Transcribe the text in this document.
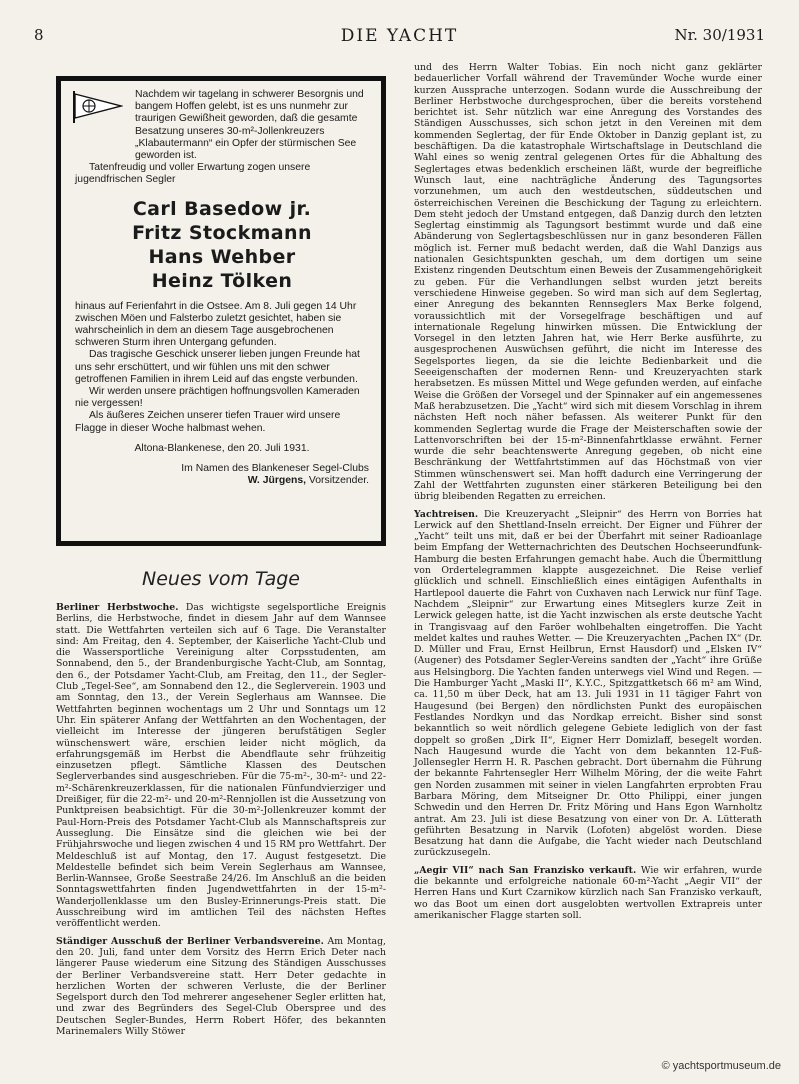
8	DIE YACHT	Nr. 30/1931

Nachdem wir tagelang in schwerer Besorgnis und bangem Hoffen gelebt, ist es uns nunmehr zur traurigen Gewißheit geworden, daß die gesamte Besatzung unseres 30-m²-Jollenkreuzers „Klabautermann“ ein Opfer der stürmischen See geworden ist.

Tatenfreudig und voller Erwartung zogen unsere jugendfrischen Segler

Carl Basedow jr.
Fritz Stockmann
Hans Wehber
Heinz Tölken

hinaus auf Ferienfahrt in die Ostsee. Am 8. Juli gegen 14 Uhr zwischen Möen und Falsterbo zuletzt gesichtet, haben sie wahrscheinlich in dem an diesem Tage ausgebrochenen schweren Sturm ihren Untergang gefunden.

Das tragische Geschick unserer lieben jungen Freunde hat uns sehr erschüttert, und wir fühlen uns mit den schwer getroffenen Familien in ihrem Leid auf das engste verbunden.

Wir werden unsere prächtigen hoffnungsvollen Kameraden nie vergessen!

Als äußeres Zeichen unserer tiefen Trauer wird unsere Flagge in dieser Woche halbmast wehen.

Altona-Blankenese, den 20. Juli 1931.

Im Namen des Blankeneser Segel-Clubs
W. Jürgens, Vorsitzender.

Neues vom Tage

Berliner Herbstwoche. Das wichtigste segelsportliche Ereignis Berlins, die Herbstwoche, findet in diesem Jahr auf dem Wannsee statt. Die Wettfahrten verteilen sich auf 6 Tage. Die Veranstalter sind: Am Freitag, den 4. September, der Kaiserliche Yacht-Club und die Wassersportliche Vereinigung alter Corpsstudenten, am Sonnabend, den 5., der Brandenburgische Yacht-Club, am Sonntag, den 6., der Potsdamer Yacht-Club, am Freitag, den 11., der Segler-Club „Tegel-See“, am Sonnabend den 12., die Seglerverein. 1903 und am Sonntag, den 13., der Verein Seglerhaus am Wannsee. Die Wettfahrten beginnen wochentags um 2 Uhr und Sonntags um 12 Uhr. Ein späterer Anfang der Wettfahrten an den Wochentagen, der vielleicht im Interesse der jüngeren berufstätigen Segler wünschenswert wäre, erschien leider nicht möglich, da erfahrungsgemäß im Herbst die Abendflaute sehr frühzeitig einzusetzen pflegt. Sämtliche Klassen des Deutschen Seglerverbandes sind ausgeschrieben. Für die 75-m²-, 30-m²- und 22-m²-Schärenkreuzerklassen, für die nationalen Fünfundvierziger und Dreißiger, für die 22-m²- und 20-m²-Rennjollen ist die Aussetzung von Punktpreisen beabsichtigt. Für die 30-m²-Jollenkreuzer kommt der Paul-Horn-Preis des Potsdamer Yacht-Club als Mannschaftspreis zur Ausseglung. Die Einsätze sind die gleichen wie bei der Frühjahrswoche und liegen zwischen 4 und 15 RM pro Wettfahrt. Der Meldeschluß ist auf Montag, den 17. August festgesetzt. Die Meldestelle befindet sich beim Verein Seglerhaus am Wannsee, Berlin-Wannsee, Große Seestraße 24/26. Im Anschluß an die beiden Sonntagswettfahrten finden Jugendwettfahrten in der 15-m²-Wanderjollenklasse um den Busley-Erinnerungs-Preis statt. Die Ausschreibung wird im amtlichen Teil des nächsten Heftes veröffentlicht werden.

Ständiger Ausschuß der Berliner Verbandsvereine. Am Montag, den 20. Juli, fand unter dem Vorsitz des Herrn Erich Deter nach längerer Pause wiederum eine Sitzung des Ständigen Ausschusses der Berliner Verbandsvereine statt. Herr Deter gedachte in herzlichen Worten der schweren Verluste, die der Berliner Segelsport durch den Tod mehrerer angesehener Segler erlitten hat, und zwar des Begründers des Segel-Club Oberspree und des Deutschen Segler-Bundes, Herrn Robert Höfer, des bekannten Marinemalers Willy Stöwer

und des Herrn Walter Tobias. Ein noch nicht ganz geklärter bedauerlicher Vorfall während der Travemünder Woche wurde einer kurzen Aussprache unterzogen. Sodann wurde die Ausschreibung der Berliner Herbstwoche durchgesprochen, über die bereits vorstehend berichtet ist. Sehr nützlich war eine Anregung des Vorstandes des Ständigen Ausschusses, sich schon jetzt in den Vereinen mit dem kommenden Seglertag, der für Ende Oktober in Danzig geplant ist, zu beschäftigen. Da die katastrophale Wirtschaftslage in Deutschland die Wahl eines so wenig zentral gelegenen Ortes für die Abhaltung des Seglertages etwas bedenklich erscheinen läßt, wurde der begreifliche Wunsch laut, eine nachträgliche Änderung des Tagungsortes vorzunehmen, um auch den westdeutschen, süddeutschen und österreichischen Vereinen die Beschickung der Tagung zu erleichtern. Dem steht jedoch der Umstand entgegen, daß Danzig durch den letzten Seglertag einstimmig als Tagungsort bestimmt wurde und daß eine Abänderung von Seglertagsbeschlüssen nur in ganz besonderen Fällen möglich ist. Ferner muß bedacht werden, daß die Wahl Danzigs aus nationalen Gesichtspunkten geschah, um dem dortigen um seine Existenz ringenden Deutschtum einen Beweis der Zusammengehörigkeit zu geben. Für die Verhandlungen selbst wurden jetzt bereits verschiedene Hinweise gegeben. So wird man sich auf dem Seglertag, einer Anregung des bekannten Rennseglers Max Berke folgend, voraussichtlich mit der Vorsegelfrage beschäftigen und auf internationale Regelung hinwirken müssen. Die Entwicklung der Vorsegel in den letzten Jahren hat, wie Herr Berke ausführte, zu ausgesprochenen Auswüchsen geführt, die nicht im Interesse des Segelsportes liegen, da sie die leichte Bedienbarkeit und die Seeeigenschaften der modernen Renn- und Kreuzeryachten stark herabsetzen. Es müssen Mittel und Wege gefunden werden, auf einfache Weise die Größen der Vorsegel und der Spinnaker auf ein angemessenes Maß herabzusetzen. Die „Yacht“ wird sich mit diesem Vorschlag in ihrem nächsten Heft noch näher befassen. Als weiterer Punkt für den kommenden Seglertag wurde die Frage der Meisterschaften sowie der Lattenvorschriften bei der 15-m²-Binnenfahrtklasse erwähnt. Ferner wurde die sehr beachtenswerte Anregung gegeben, ob nicht eine Beschränkung der Wettfahrtstimmen auf das Höchstmaß von vier Stimmen wünschenswert sei. Man hofft dadurch eine Verringerung der Zahl der Wettfahrten zugunsten einer stärkeren Beteiligung bei den übrig bleibenden Regatten zu erreichen.

Yachtreisen. Die Kreuzeryacht „Sleipnir“ des Herrn von Borries hat Lerwick auf den Shettland-Inseln erreicht. Der Eigner und Führer der „Yacht“ teilt uns mit, daß er bei der Überfahrt mit seiner Radioanlage beim Empfang der Wetternachrichten des Deutschen Hochseerundfunk-Hamburg die besten Erfahrungen gemacht habe. Auch die Übermittlung von Ordertelegrammen klappte ausgezeichnet. Die Reise verlief glücklich und schnell. Einschließlich eines eintägigen Aufenthalts in Hartlepool dauerte die Fahrt von Cuxhaven nach Lerwick nur fünf Tage. Nachdem „Sleipnir“ zur Erwartung eines Mitseglers kurze Zeit in Lerwick gelegen hatte, ist die Yacht inzwischen als erste deutsche Yacht in Trangisvaag auf den Faröer wohlbehalten eingetroffen. Die Yacht meldet kaltes und rauhes Wetter. — Die Kreuzeryachten „Pachen IX“ (Dr. D. Müller und Frau, Ernst Heilbrun, Ernst Hausdorf) und „Elsken IV“ (Augener) des Potsdamer Segler-Vereins sandten der „Yacht“ ihre Grüße aus Helsingborg. Die Yachten fanden unterwegs viel Wind und Regen. — Die Hamburger Yacht „Maski II“, K.Y.C., Spitzgattketsch 66 m² am Wind, ca. 11,50 m über Deck, hat am 13. Juli 1931 in 11 tägiger Fahrt von Haugesund (bei Bergen) den nördlichsten Punkt des europäischen Festlandes Nordkyn und das Nordkap erreicht. Bisher sind sonst bekanntlich so weit nördlich gelegene Gebiete lediglich von der fast doppelt so großen „Dirk II“, Eigner Herr Domizlaff, besegelt worden. Nach Haugesund wurde die Yacht von dem bekannten 12-Fuß-Jollensegler Herrn H. R. Paschen gebracht. Dort übernahm die Führung der bekannte Fahrtensegler Herr Wilhelm Möring, der die weite Fahrt gen Norden zusammen mit seiner in vielen Langfahrten erprobten Frau Barbara Möring, dem Mitseigner Dr. Otto Philippi, einer jungen Schwedin und den Herren Dr. Fritz Möring und Hans Egon Warnholtz antrat. Am 23. Juli ist diese Besatzung von einer von Dr. A. Lütterath geführten Besatzung in Narvik (Lofoten) abgelöst worden. Diese Besatzung hat dann die Aufgabe, die Yacht wieder nach Deutschland zurückzusegeln.

„Aegir VII“ nach San Franzisko verkauft. Wie wir erfahren, wurde die bekannte und erfolgreiche nationale 60-m²-Yacht „Aegir VII“ der Herren Hans und Kurt Czarnikow kürzlich nach San Franzisko verkauft, wo das Boot um einen dort ausgelobten wertvollen Extrapreis unter amerikanischer Flagge starten soll.

© yachtsportmuseum.de
